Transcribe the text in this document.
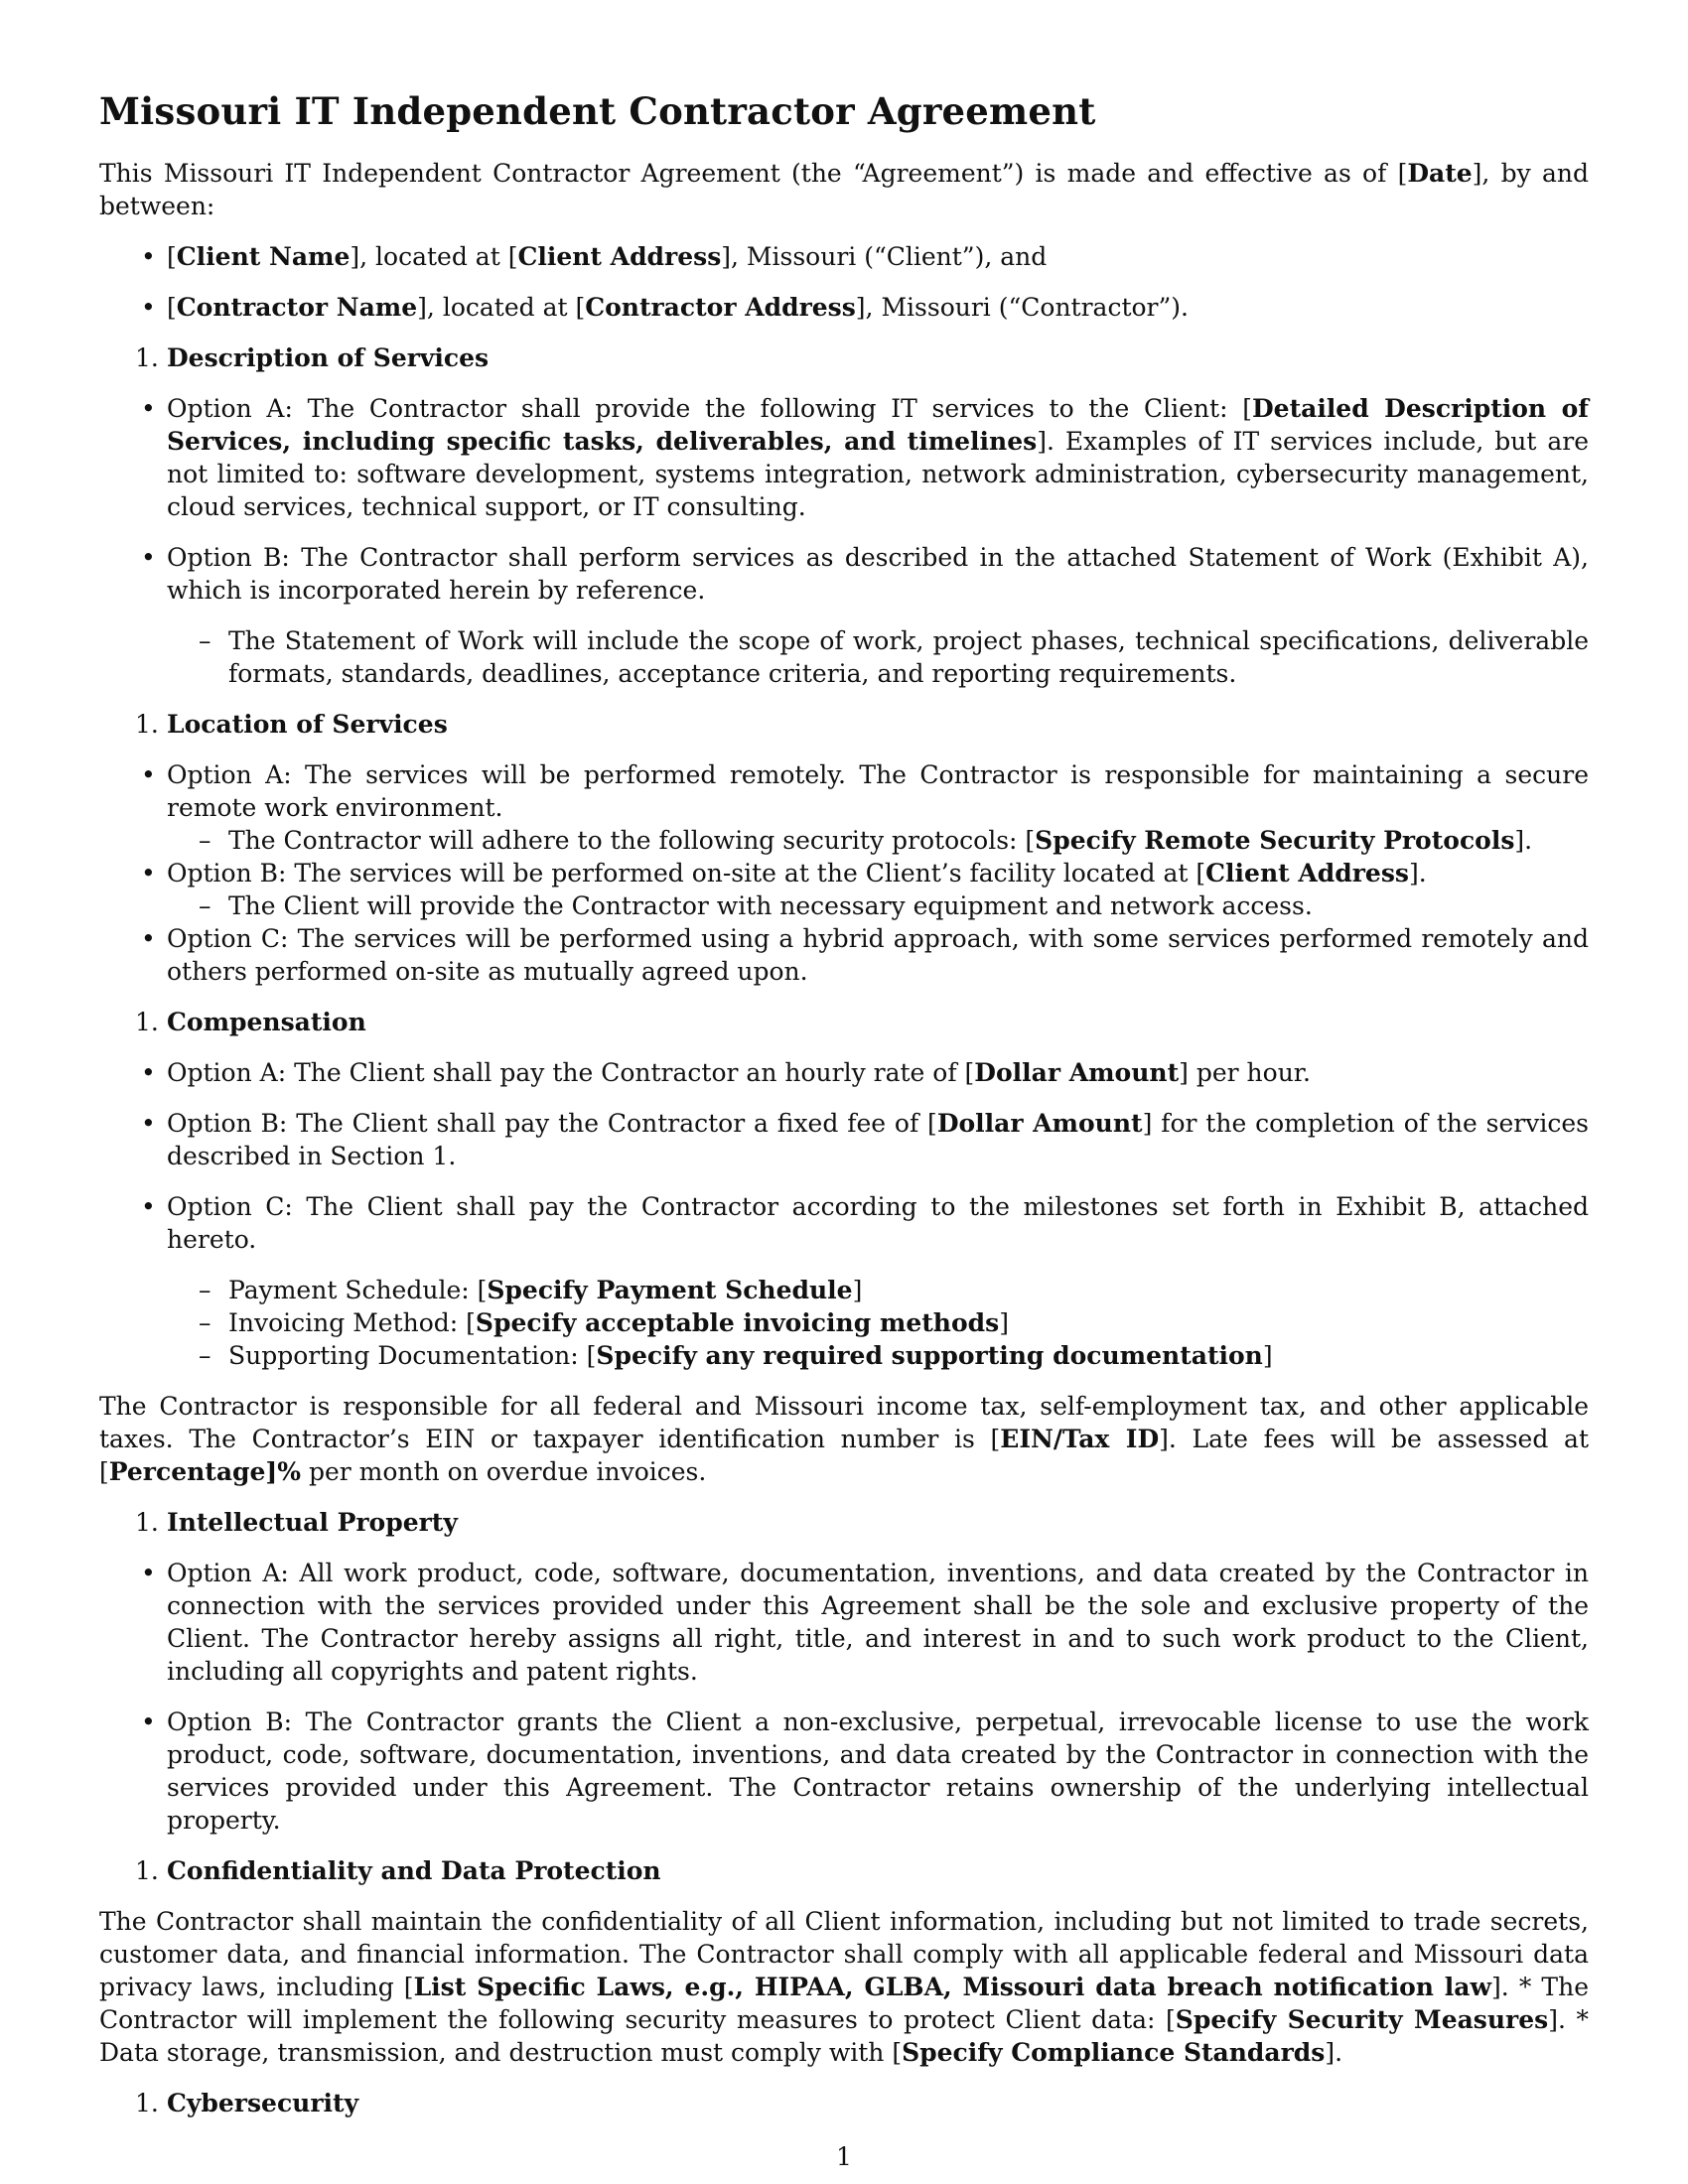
Missouri IT Independent Contractor Agreement

This Missouri IT Independent Contractor Agreement (the “Agreement”) is made and effective as of [Date], by and between:

• [Client Name], located at [Client Address], Missouri (“Client”), and
• [Contractor Name], located at [Contractor Address], Missouri (“Contractor”).
1. Description of Services
• Option A: The Contractor shall provide the following IT services to the Client: [Detailed Description of Services, including specific tasks, deliverables, and timelines]. Examples of IT services include, but are not limited to: software development, systems integration, network administration, cybersecurity management, cloud services, technical support, or IT consulting.
• Option B: The Contractor shall perform services as described in the attached Statement of Work (Exhibit A), which is incorporated herein by reference.
– The Statement of Work will include the scope of work, project phases, technical specifications, deliverable formats, standards, deadlines, acceptance criteria, and reporting requirements.
1. Location of Services
• Option A: The services will be performed remotely. The Contractor is responsible for maintaining a secure remote work environment.
– The Contractor will adhere to the following security protocols: [Specify Remote Security Protocols].
• Option B: The services will be performed on-site at the Client’s facility located at [Client Address].
– The Client will provide the Contractor with necessary equipment and network access.
• Option C: The services will be performed using a hybrid approach, with some services performed remotely and others performed on-site as mutually agreed upon.
1. Compensation
• Option A: The Client shall pay the Contractor an hourly rate of [Dollar Amount] per hour.
• Option B: The Client shall pay the Contractor a fixed fee of [Dollar Amount] for the completion of the services described in Section 1.
• Option C: The Client shall pay the Contractor according to the milestones set forth in Exhibit B, attached hereto.
– Payment Schedule: [Specify Payment Schedule]
– Invoicing Method: [Specify acceptable invoicing methods]
– Supporting Documentation: [Specify any required supporting documentation]

The Contractor is responsible for all federal and Missouri income tax, self-employment tax, and other applicable taxes. The Contractor’s EIN or taxpayer identification number is [EIN/Tax ID]. Late fees will be assessed at [Percentage]% per month on overdue invoices.

1. Intellectual Property
• Option A: All work product, code, software, documentation, inventions, and data created by the Contractor in connection with the services provided under this Agreement shall be the sole and exclusive property of the Client. The Contractor hereby assigns all right, title, and interest in and to such work product to the Client, including all copyrights and patent rights.
• Option B: The Contractor grants the Client a non-exclusive, perpetual, irrevocable license to use the work product, code, software, documentation, inventions, and data created by the Contractor in connection with the services provided under this Agreement. The Contractor retains ownership of the underlying intellectual property.
1. Confidentiality and Data Protection

The Contractor shall maintain the confidentiality of all Client information, including but not limited to trade secrets, customer data, and financial information. The Contractor shall comply with all applicable federal and Missouri data privacy laws, including [List Specific Laws, e.g., HIPAA, GLBA, Missouri data breach notification law]. * The Contractor will implement the following security measures to protect Client data: [Specify Security Measures]. * Data storage, transmission, and destruction must comply with [Specify Compliance Standards].

1. Cybersecurity
1
